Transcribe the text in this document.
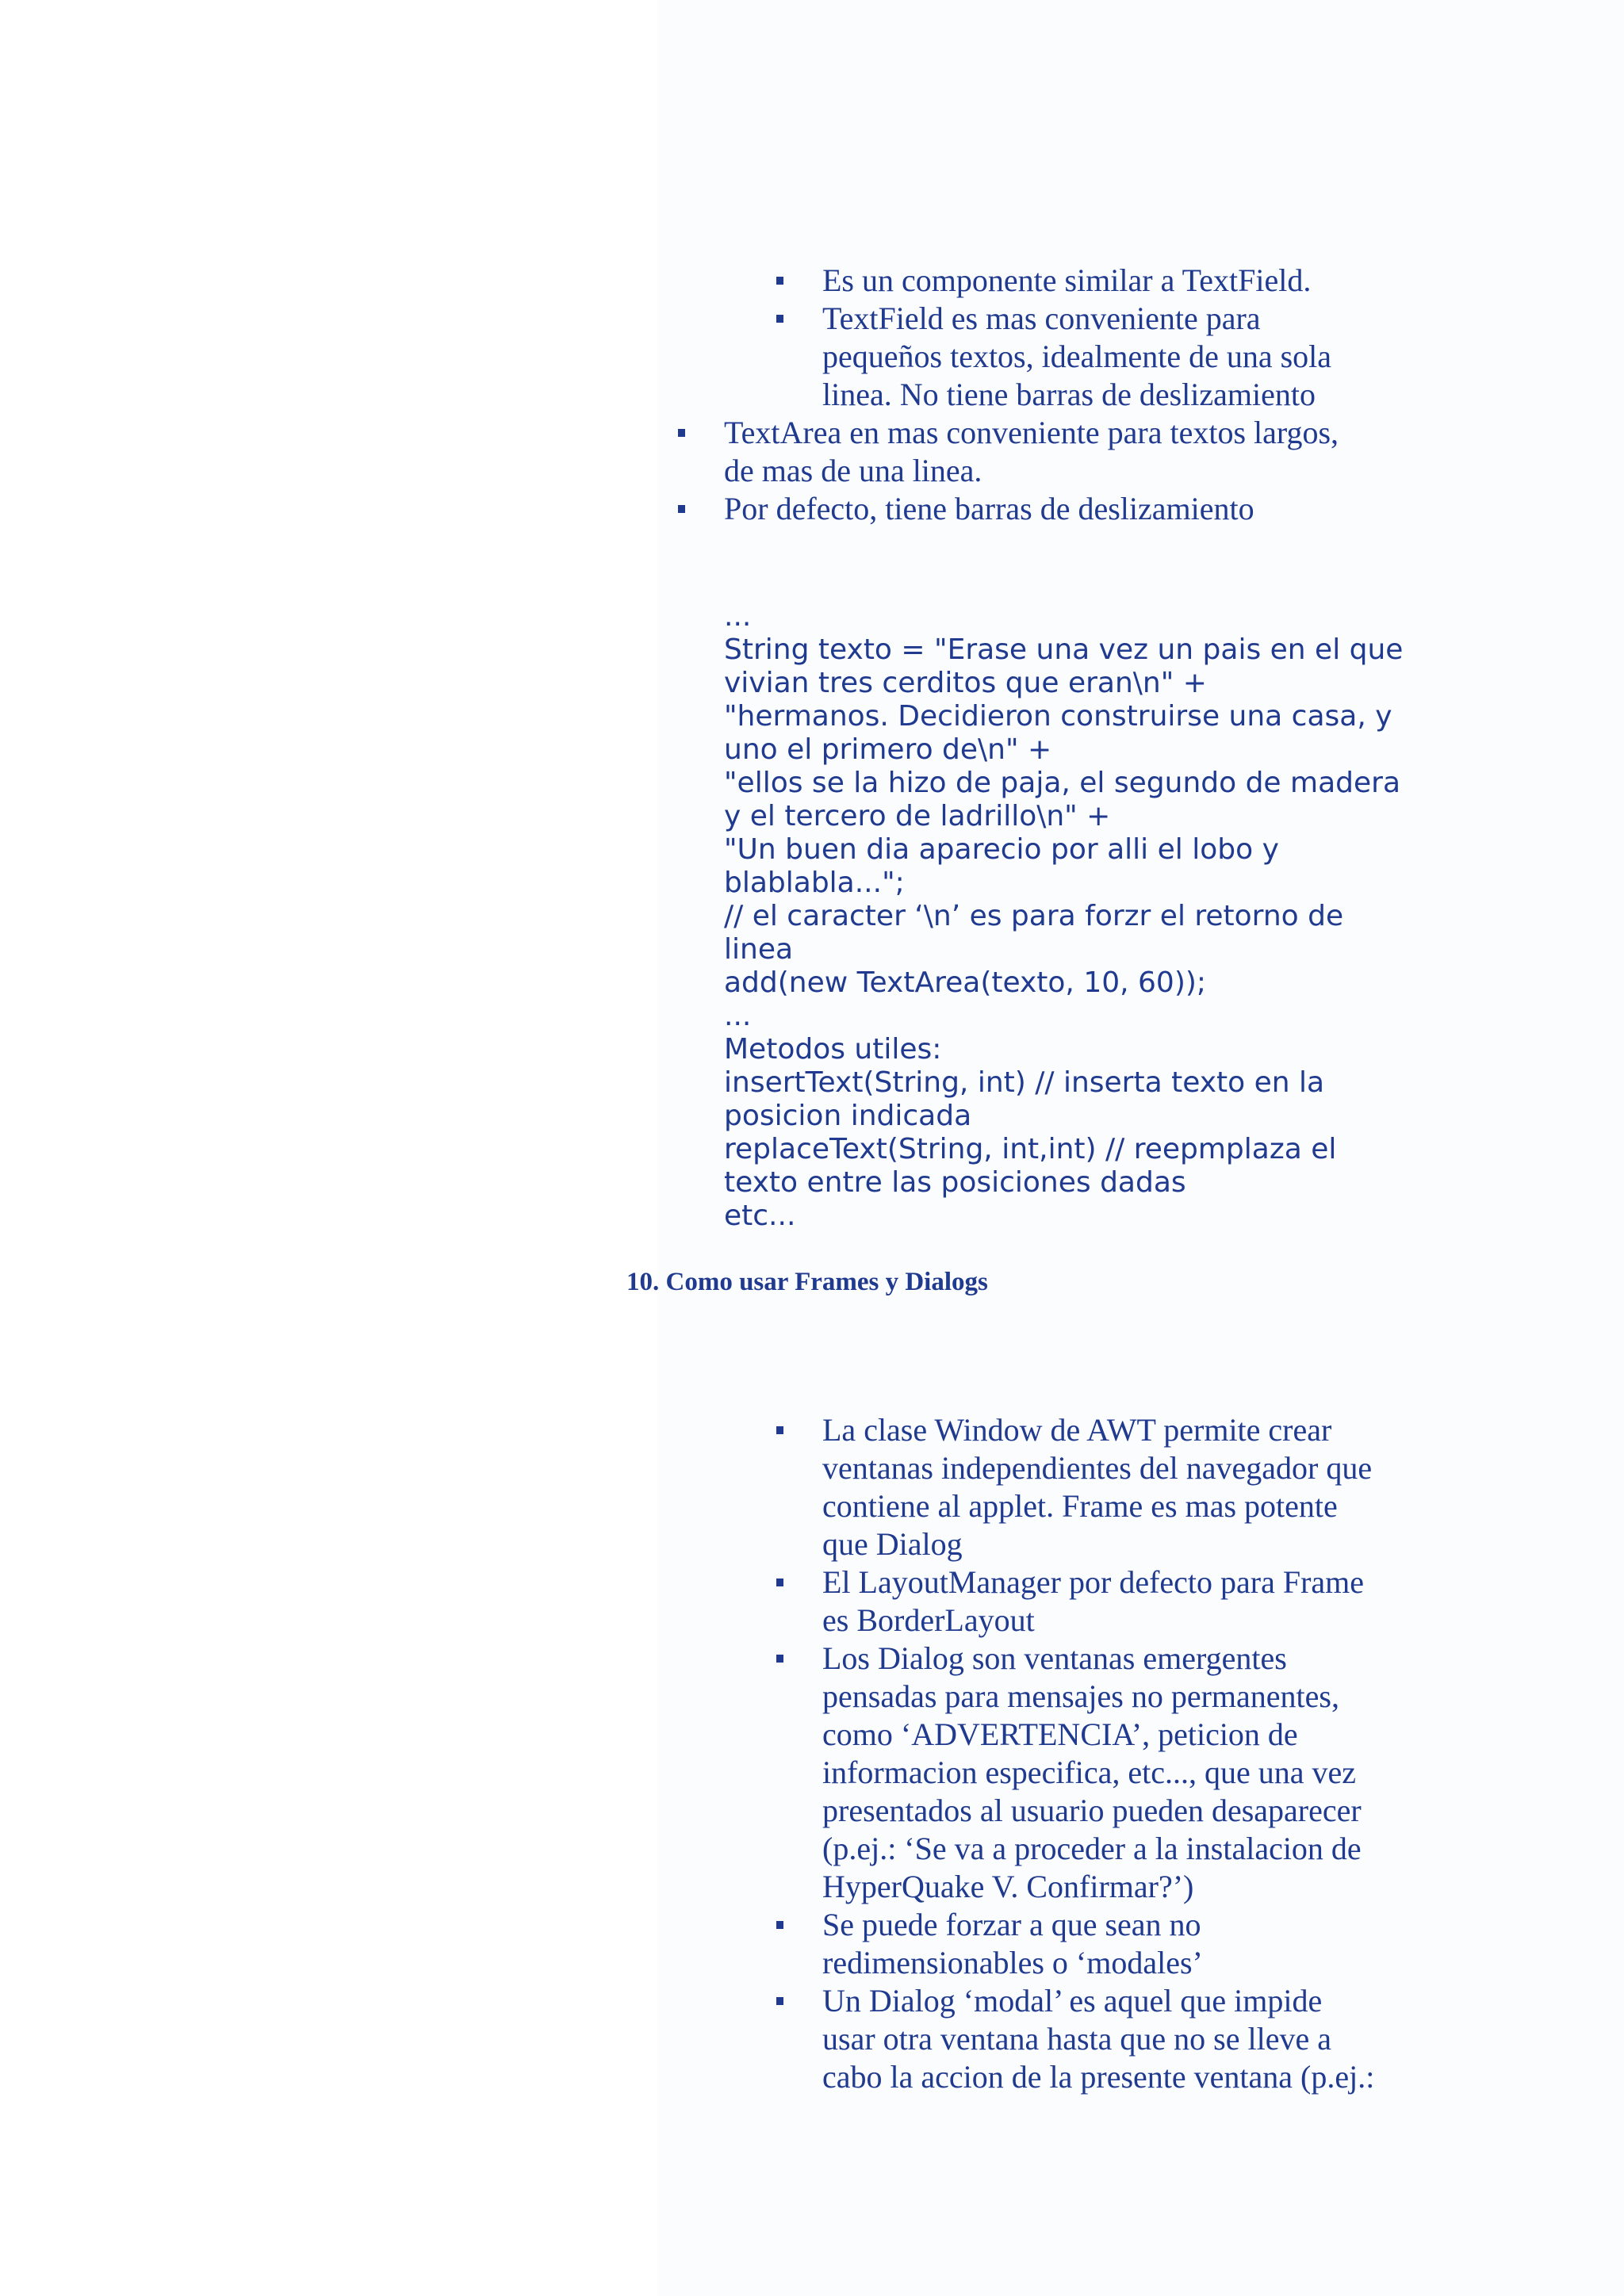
Es un componente similar a TextField.
TextField es mas conveniente para
pequeños textos, idealmente de una sola
linea. No tiene barras de deslizamiento
TextArea en mas conveniente para textos largos,
de mas de una linea.
Por defecto, tiene barras de deslizamiento
...
String texto = "Erase una vez un pais en el que
vivian tres cerditos que eran\n" +
"hermanos. Decidieron construirse una casa, y
uno el primero de\n" +
"ellos se la hizo de paja, el segundo de madera
y el tercero de ladrillo\n" +
"Un buen dia aparecio por alli el lobo y
blablabla...";
// el caracter ‘\n’ es para forzr el retorno de
linea
add(new TextArea(texto, 10, 60));
...
Metodos utiles:
insertText(String, int) // inserta texto en la
posicion indicada
replaceText(String, int,int) // reepmplaza el
texto entre las posiciones dadas
etc...
10. Como usar Frames y Dialogs
La clase Window de AWT permite crear
ventanas independientes del navegador que
contiene al applet. Frame es mas potente
que Dialog
El LayoutManager por defecto para Frame
es BorderLayout
Los Dialog son ventanas emergentes
pensadas para mensajes no permanentes,
como ‘ADVERTENCIA’, peticion de
informacion especifica, etc..., que una vez
presentados al usuario pueden desaparecer
(p.ej.: ‘Se va a proceder a la instalacion de
HyperQuake V. Confirmar?’)
Se puede forzar a que sean no
redimensionables o ‘modales’
Un Dialog ‘modal’ es aquel que impide
usar otra ventana hasta que no se lleve a
cabo la accion de la presente ventana (p.ej.:
